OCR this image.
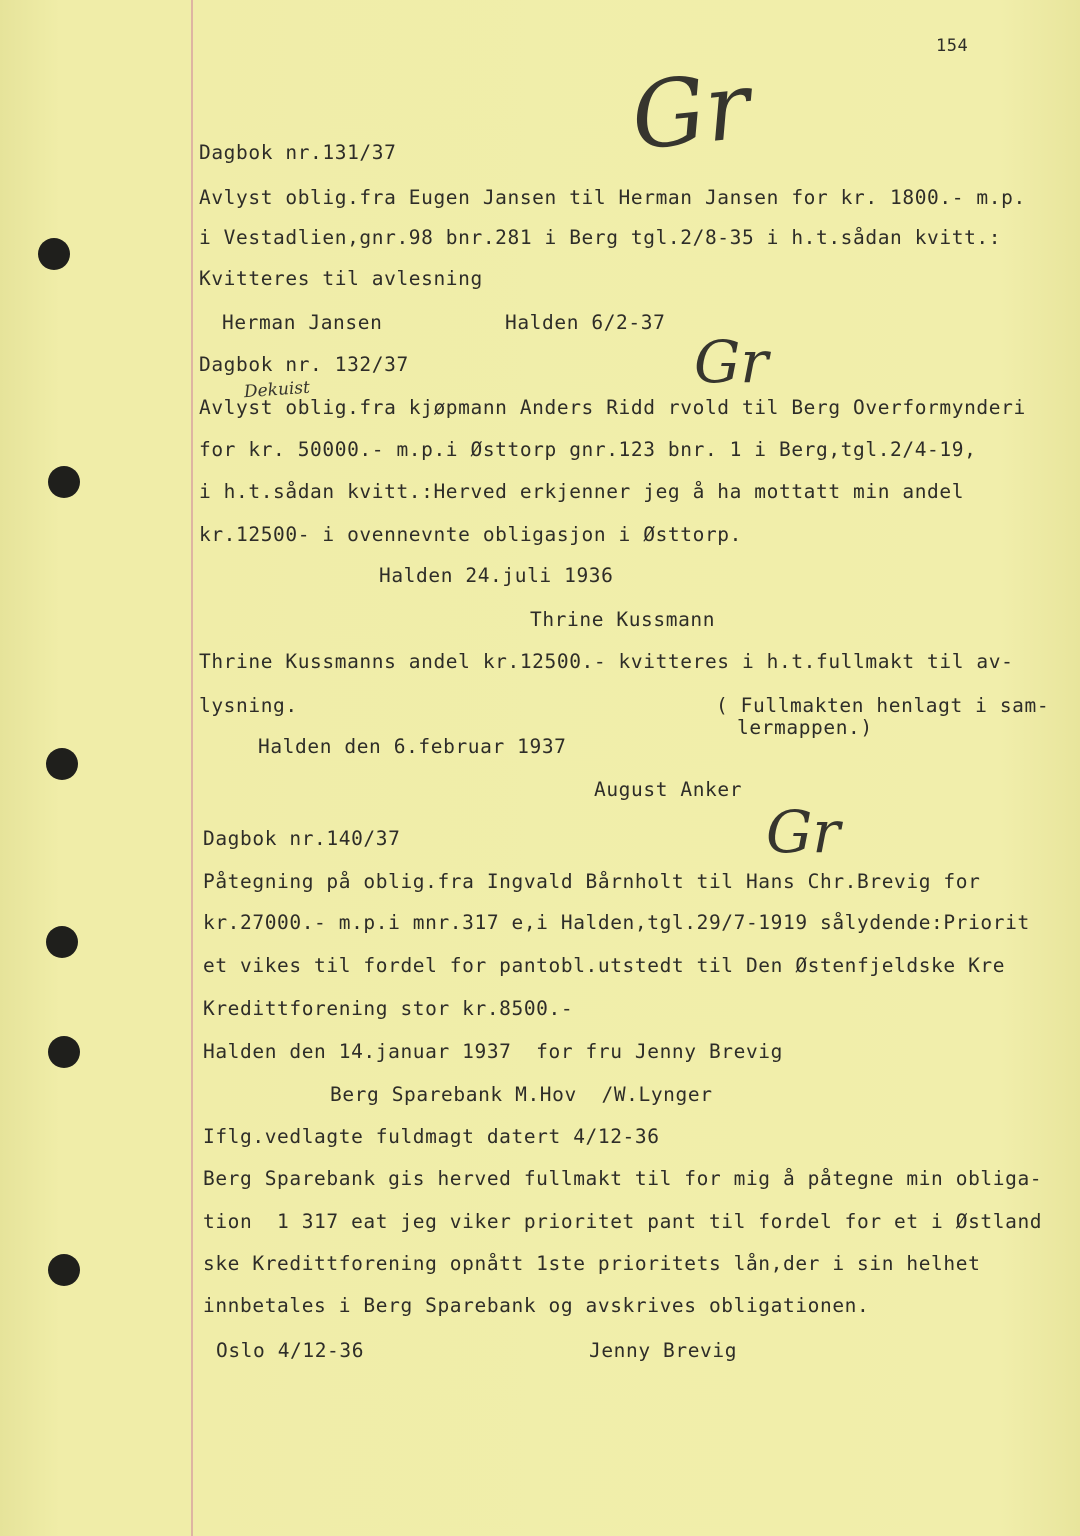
154
Gr
Dekuist	Gr
Gr
Dagbok nr.131/37
Avlyst oblig.fra Eugen Jansen til Herman Jansen for kr. 1800.- m.p.
i Vestadlien,gnr.98 bnr.281 i Berg tgl.2/8-35 i h.t.sådan kvitt.:
Kvitteres til avlesning
Herman Jansen	Halden 6/2-37
Dagbok nr. 132/37
Avlyst oblig.fra kjøpmann Anders Ridd rvold til Berg Overformynderi
for kr. 50000.- m.p.i Østtorp gnr.123 bnr. 1 i Berg,tgl.2/4-19,
i h.t.sådan kvitt.:Herved erkjenner jeg å ha mottatt min andel
kr.12500- i ovennevnte obligasjon i Østtorp.
Halden 24.juli 1936
Thrine Kussmann
Thrine Kussmanns andel kr.12500.- kvitteres i h.t.fullmakt til av-
lysning.	( Fullmakten henlagt i sam-
lermappen.)
Halden den 6.februar 1937
August Anker
Dagbok nr.140/37
Påtegning på oblig.fra Ingvald Bårnholt til Hans Chr.Brevig for
kr.27000.- m.p.i mnr.317 e,i Halden,tgl.29/7-1919 sålydende:Priorit
et vikes til fordel for pantobl.utstedt til Den Østenfjeldske Kre
Kredittforening stor kr.8500.-
Halden den 14.januar 1937  for fru Jenny Brevig
Berg Sparebank M.Hov  /W.Lynger
Iflg.vedlagte fuldmagt datert 4/12-36
Berg Sparebank gis herved fullmakt til for mig å påtegne min obliga-
tion  1 317 eat jeg viker prioritet pant til fordel for et i Østland
ske Kredittforening opnått 1ste prioritets lån,der i sin helhet
innbetales i Berg Sparebank og avskrives obligationen.
Oslo 4/12-36	Jenny Brevig
